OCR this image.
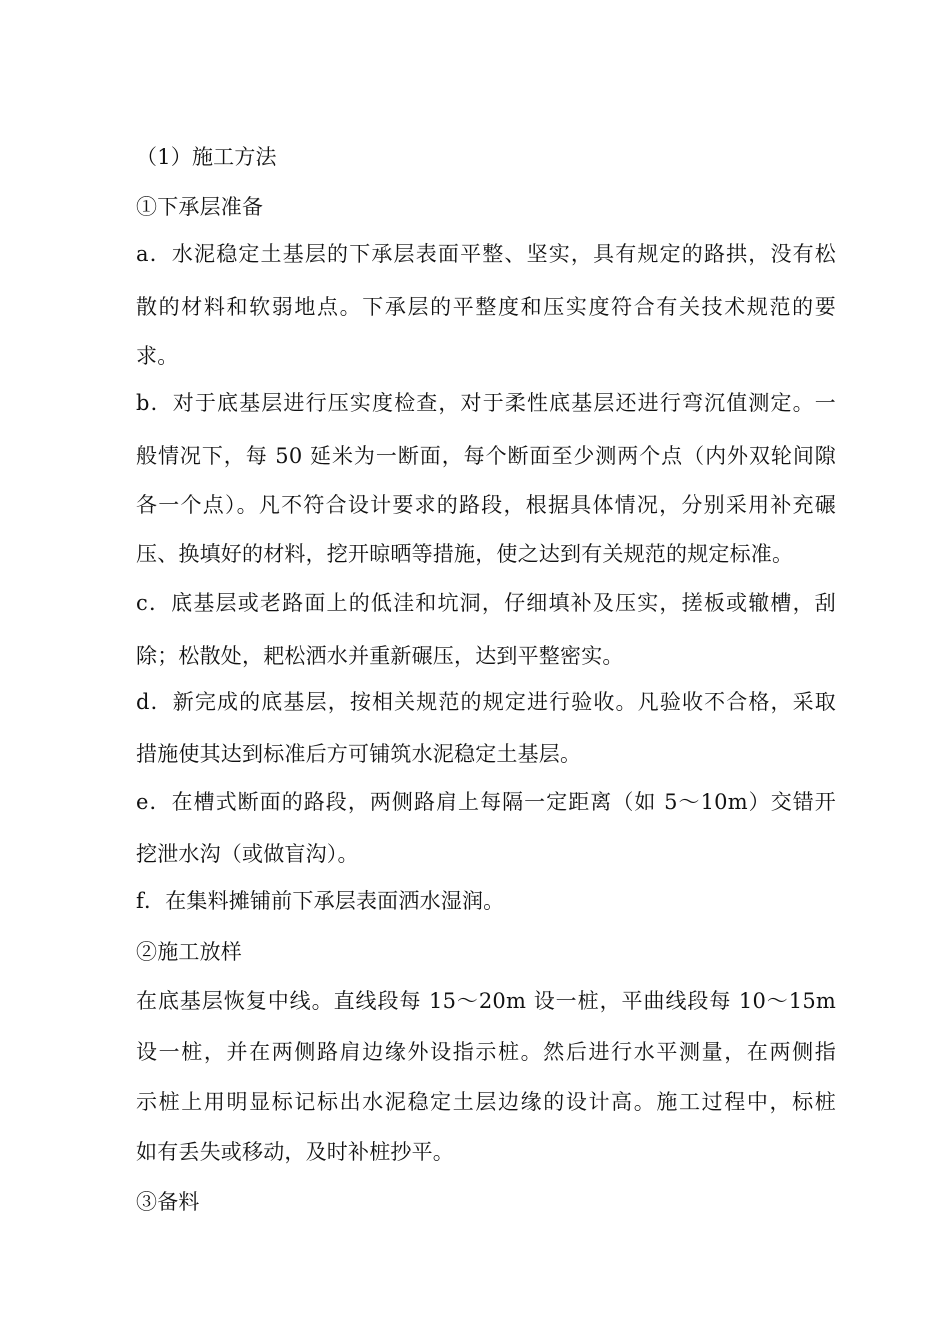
（1）施工方法
①下承层准备
a．水泥稳定土基层的下承层表面平整、坚实，具有规定的路拱，没有松
散的材料和软弱地点。下承层的平整度和压实度符合有关技术规范的要
求。
b．对于底基层进行压实度检查，对于柔性底基层还进行弯沉值测定。一
般情况下，每 50 延米为一断面，每个断面至少测两个点（内外双轮间隙
各一个点）。凡不符合设计要求的路段，根据具体情况，分别采用补充碾
压、换填好的材料，挖开晾晒等措施，使之达到有关规范的规定标准。
c．底基层或老路面上的低洼和坑洞，仔细填补及压实，搓板或辙槽，刮
除；松散处，耙松洒水并重新碾压，达到平整密实。
d．新完成的底基层，按相关规范的规定进行验收。凡验收不合格，采取
措施使其达到标准后方可铺筑水泥稳定土基层。
e．在槽式断面的路段，两侧路肩上每隔一定距离（如 5～10m）交错开
挖泄水沟（或做盲沟）。
f．在集料摊铺前下承层表面洒水湿润。
②施工放样
在底基层恢复中线。直线段每 15～20m 设一桩，平曲线段每 10～15m
设一桩，并在两侧路肩边缘外设指示桩。然后进行水平测量，在两侧指
示桩上用明显标记标出水泥稳定土层边缘的设计高。施工过程中，标桩
如有丢失或移动，及时补桩抄平。
③备料
